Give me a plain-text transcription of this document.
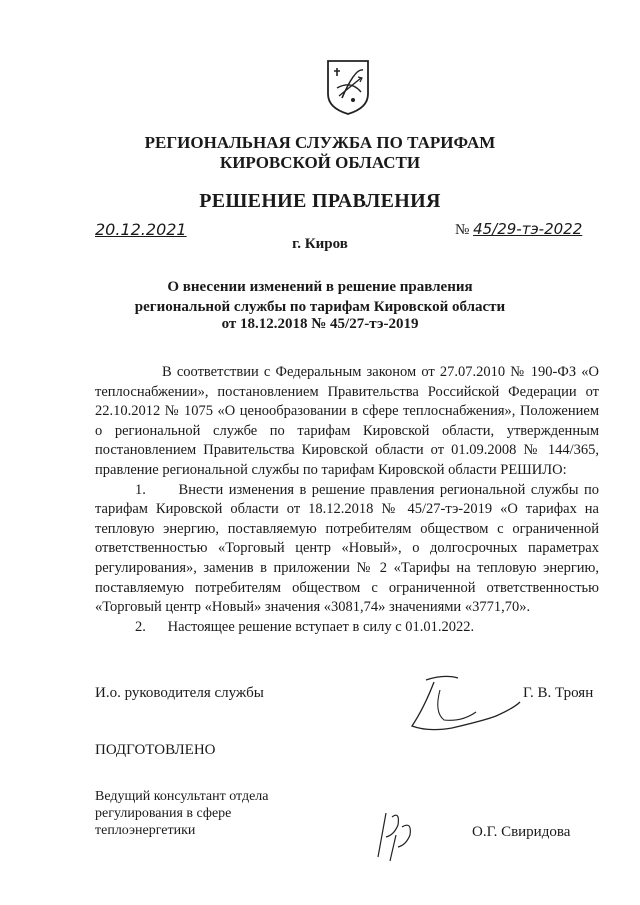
РЕГИОНАЛЬНАЯ СЛУЖБА ПО ТАРИФАМ
КИРОВСКОЙ ОБЛАСТИ
РЕШЕНИЕ ПРАВЛЕНИЯ
20.12.2021	№ 45/29-тэ-2022
г. Киров
О внесении изменений в решение правления
региональной службы по тарифам Кировской области
от 18.12.2018 № 45/27-тэ-2019

В соответствии с Федеральным законом от 27.07.2010 № 190-ФЗ «О теплоснабжении», постановлением Правительства Российской Федерации от 22.10.2012 № 1075 «О ценообразовании в сфере теплоснабжения», Положением о региональной службе по тарифам Кировской области, утвержденным постановлением Правительства Кировской области от 01.09.2008 № 144/365, правление региональной службы по тарифам Кировской области РЕШИЛО:

1. Внести изменения в решение правления региональной службы по тарифам Кировской области от 18.12.2018 № 45/27-тэ-2019 «О тарифах на тепловую энергию, поставляемую потребителям обществом с ограниченной ответственностью «Торговый центр «Новый», о долгосрочных параметрах регулирования», заменив в приложении № 2 «Тарифы на тепловую энергию, поставляемую потребителям обществом с ограниченной ответственностью «Торговый центр «Новый» значения «3081,74» значениями «3771,70».

2. Настоящее решение вступает в силу с 01.01.2022.

И.о. руководителя службы	Г. В. Троян
ПОДГОТОВЛЕНО
Ведущий консультант отдела
регулирования в сфере
теплоэнергетики	О.Г. Свиридова
